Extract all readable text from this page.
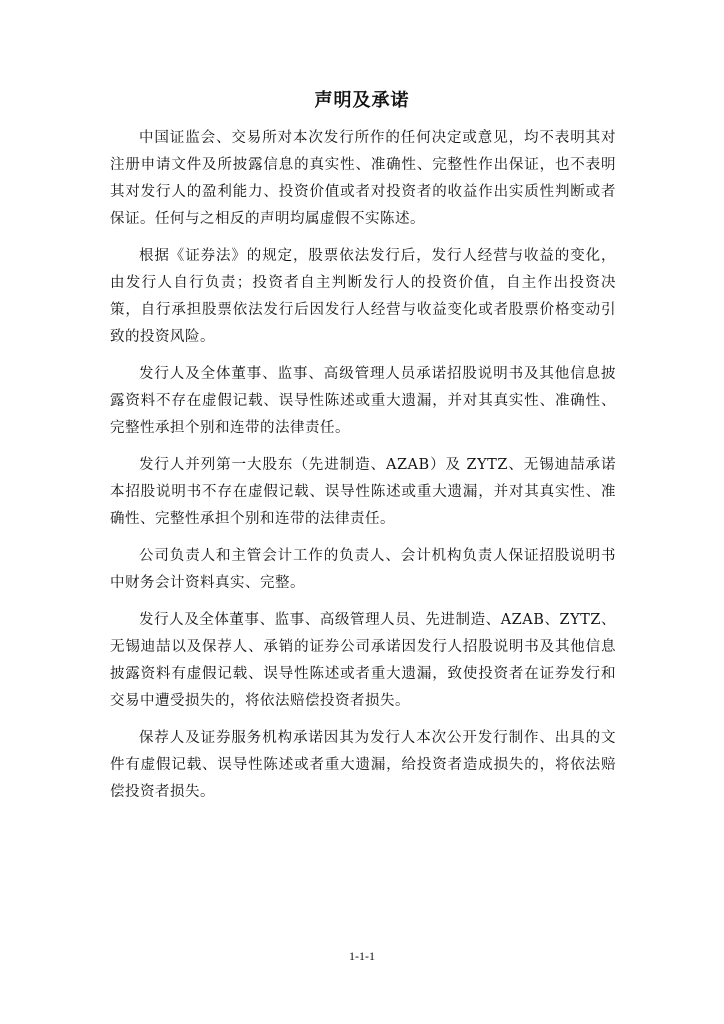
声明及承诺

中国证监会、交易所对本次发行所作的任何决定或意见，均不表明其对注册申请文件及所披露信息的真实性、准确性、完整性作出保证，也不表明其对发行人的盈利能力、投资价值或者对投资者的收益作出实质性判断或者保证。任何与之相反的声明均属虚假不实陈述。

根据《证券法》的规定，股票依法发行后，发行人经营与收益的变化，由发行人自行负责；投资者自主判断发行人的投资价值，自主作出投资决策，自行承担股票依法发行后因发行人经营与收益变化或者股票价格变动引致的投资风险。

发行人及全体董事、监事、高级管理人员承诺招股说明书及其他信息披露资料不存在虚假记载、误导性陈述或重大遗漏，并对其真实性、准确性、完整性承担个别和连带的法律责任。

发行人并列第一大股东（先进制造、AZAB）及 ZYTZ、无锡迪喆承诺本招股说明书不存在虚假记载、误导性陈述或重大遗漏，并对其真实性、准确性、完整性承担个别和连带的法律责任。

公司负责人和主管会计工作的负责人、会计机构负责人保证招股说明书中财务会计资料真实、完整。

发行人及全体董事、监事、高级管理人员、先进制造、AZAB、ZYTZ、无锡迪喆以及保荐人、承销的证券公司承诺因发行人招股说明书及其他信息披露资料有虚假记载、误导性陈述或者重大遗漏，致使投资者在证券发行和交易中遭受损失的，将依法赔偿投资者损失。

保荐人及证券服务机构承诺因其为发行人本次公开发行制作、出具的文件有虚假记载、误导性陈述或者重大遗漏，给投资者造成损失的，将依法赔偿投资者损失。

1-1-1
